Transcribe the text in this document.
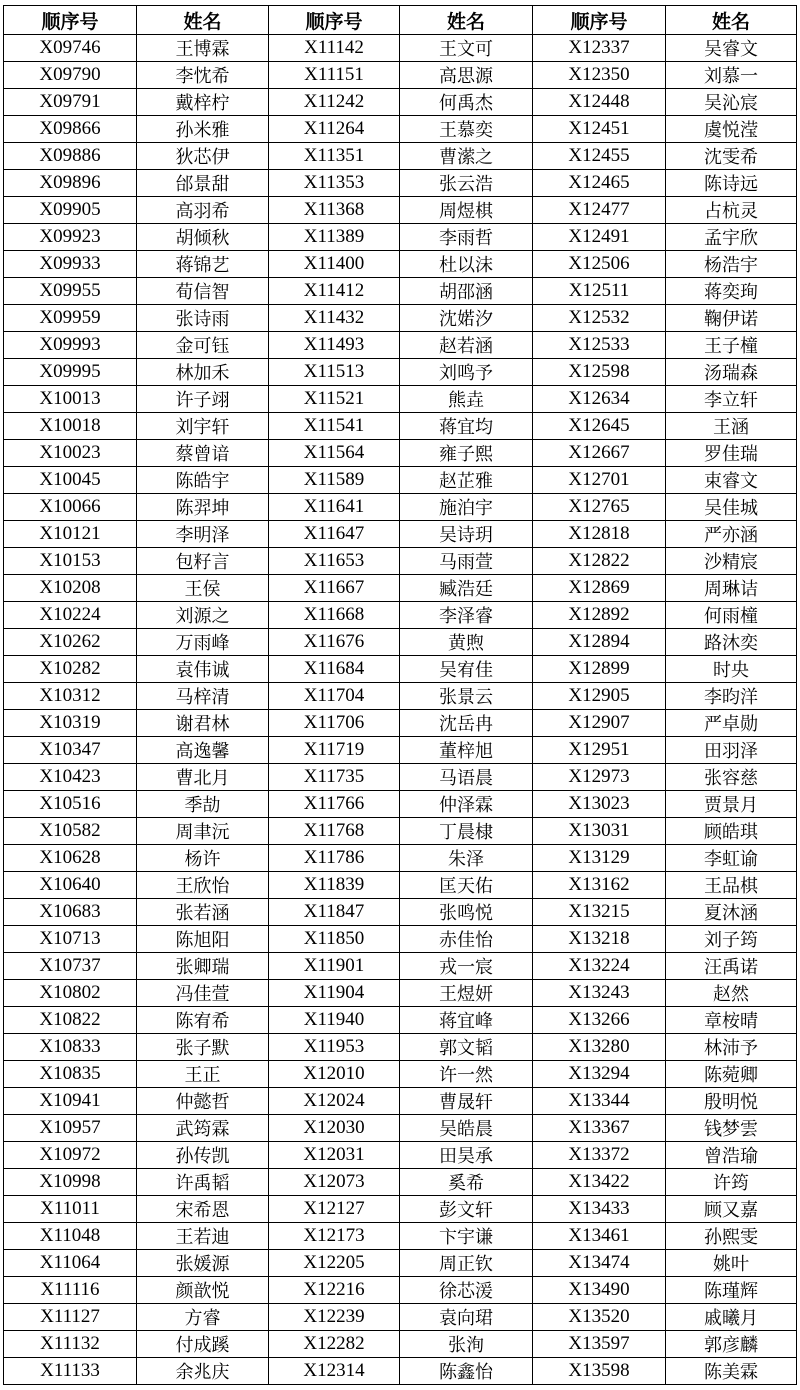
顺序号	姓名	顺序号	姓名	顺序号	姓名
X09746	王博霖	X11142	王文可	X12337	吴睿文
X09790	李忱希	X11151	高思源	X12350	刘慕一
X09791	戴梓柠	X11242	何禹杰	X12448	吴沁宸
X09866	孙米雅	X11264	王慕奕	X12451	虞悦滢
X09886	狄芯伊	X11351	曹潆之	X12455	沈雯希
X09896	邰景甜	X11353	张云浩	X12465	陈诗远
X09905	高羽希	X11368	周煜棋	X12477	占杭灵
X09923	胡倾秋	X11389	李雨哲	X12491	孟宇欣
X09933	蒋锦艺	X11400	杜以沫	X12506	杨浩宇
X09955	荀信智	X11412	胡邵涵	X12511	蒋奕珣
X09959	张诗雨	X11432	沈婼汐	X12532	鞠伊诺
X09993	金可钰	X11493	赵若涵	X12533	王子橦
X09995	林加禾	X11513	刘鸣予	X12598	汤瑞森
X10013	许子翊	X11521	熊垚	X12634	李立轩
X10018	刘宇轩	X11541	蒋宜均	X12645	王涵
X10023	蔡曾谙	X11564	雍子熙	X12667	罗佳瑞
X10045	陈皓宇	X11589	赵芷雅	X12701	束睿文
X10066	陈羿坤	X11641	施泊宇	X12765	吴佳城
X10121	李明泽	X11647	吴诗玥	X12818	严亦涵
X10153	包籽言	X11653	马雨萱	X12822	沙精宸
X10208	王侯	X11667	臧浩廷	X12869	周琳诘
X10224	刘源之	X11668	李泽睿	X12892	何雨橦
X10262	万雨峰	X11676	黄煦	X12894	路沐奕
X10282	袁伟诚	X11684	吴宥佳	X12899	时央
X10312	马梓清	X11704	张景云	X12905	李昀洋
X10319	谢君林	X11706	沈岳冉	X12907	严卓勋
X10347	高逸馨	X11719	董梓旭	X12951	田羽泽
X10423	曹北月	X11735	马语晨	X12973	张容慈
X10516	季劼	X11766	仲泽霖	X13023	贾景月
X10582	周聿沅	X11768	丁晨棣	X13031	顾皓琪
X10628	杨许	X11786	朱泽	X13129	李虹谕
X10640	王欣怡	X11839	匡天佑	X13162	王品棋
X10683	张若涵	X11847	张鸣悦	X13215	夏沐涵
X10713	陈旭阳	X11850	赤佳怡	X13218	刘子筠
X10737	张卿瑞	X11901	戎一宸	X13224	汪禹诺
X10802	冯佳萱	X11904	王煜妍	X13243	赵然
X10822	陈宥希	X11940	蒋宜峰	X13266	章桉晴
X10833	张子默	X11953	郭文韬	X13280	林沛予
X10835	王正	X12010	许一然	X13294	陈菀卿
X10941	仲懿哲	X12024	曹晟轩	X13344	殷明悦
X10957	武筠霖	X12030	吴皓晨	X13367	钱梦雲
X10972	孙传凯	X12031	田昊承	X13372	曾浩瑜
X10998	许禹韬	X12073	奚希	X13422	许筠
X11011	宋希恩	X12127	彭文轩	X13433	顾又嘉
X11048	王若迪	X12173	卞宇谦	X13461	孙熙雯
X11064	张媛源	X12205	周正钦	X13474	姚叶
X11116	颜歆悦	X12216	徐芯湲	X13490	陈瑾辉
X11127	方睿	X12239	袁向珺	X13520	戚曦月
X11132	付成蹊	X12282	张洵	X13597	郭彦麟
X11133	余兆庆	X12314	陈鑫怡	X13598	陈美霖
